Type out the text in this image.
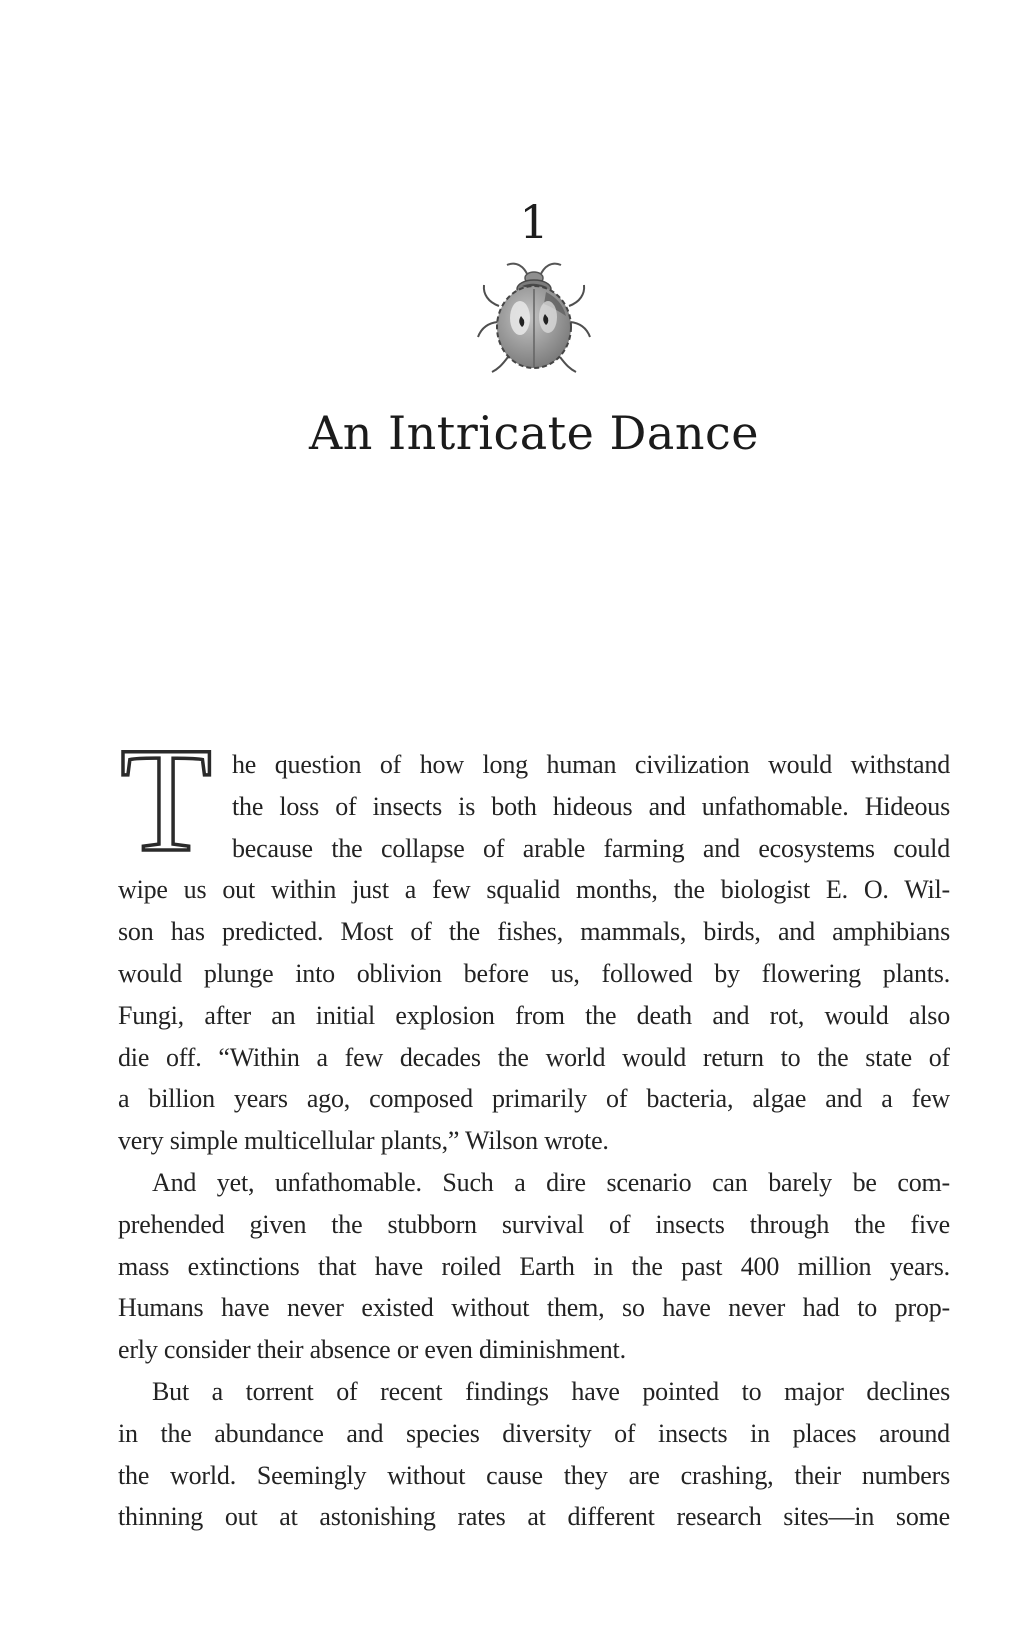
1
An Intricate Dance
T he question of how long human civilization would withstand
the loss of insects is both hideous and unfathomable. Hideous
because the collapse of arable farming and ecosystems could
wipe us out within just a few squalid months, the biologist E. O. Wil-
son has predicted. Most of the fishes, mammals, birds, and amphibians
would plunge into oblivion before us, followed by flowering plants.
Fungi, after an initial explosion from the death and rot, would also
die off. “Within a few decades the world would return to the state of
a billion years ago, composed primarily of bacteria, algae and a few
very simple multicellular plants,” Wilson wrote.
And yet, unfathomable. Such a dire scenario can barely be com-
prehended given the stubborn survival of insects through the five
mass extinctions that have roiled Earth in the past 400 million years.
Humans have never existed without them, so have never had to prop-
erly consider their absence or even diminishment.
But a torrent of recent findings have pointed to major declines
in the abundance and species diversity of insects in places around
the world. Seemingly without cause they are crashing, their numbers
thinning out at astonishing rates at different research sites—in some
